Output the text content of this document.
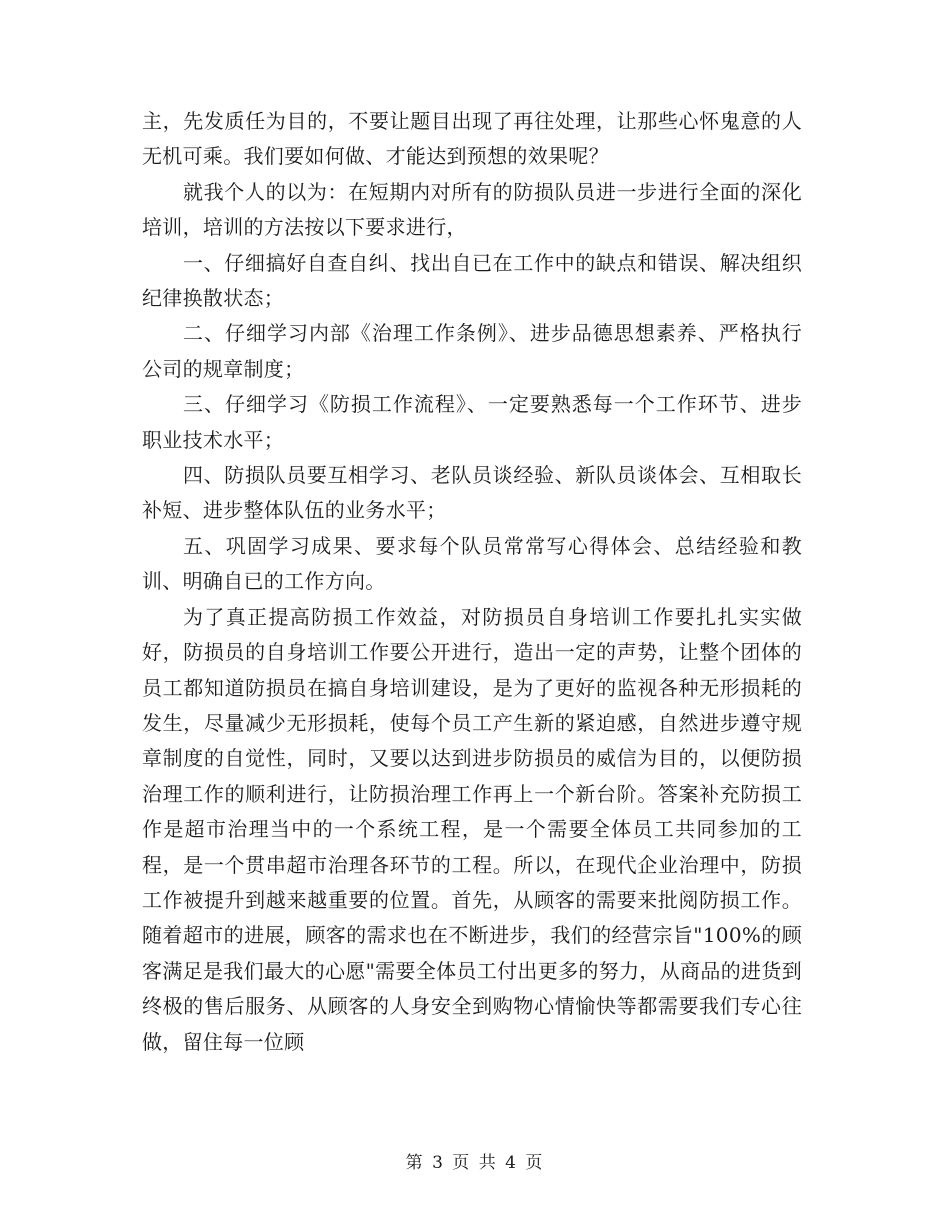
主，先发质任为目的，不要让题目出现了再往处理，让那些心怀鬼意的人无机可乘。我们要如何做、才能达到预想的效果呢？

就我个人的以为：在短期内对所有的防损队员进一步进行全面的深化培训，培训的方法按以下要求进行，

一、仔细搞好自查自纠、找出自已在工作中的缺点和错误、解决组织纪律换散状态；

二、仔细学习内部《治理工作条例》、进步品德思想素养、严格执行公司的规章制度；

三、仔细学习《防损工作流程》、一定要熟悉每一个工作环节、进步职业技术水平；

四、防损队员要互相学习、老队员谈经验、新队员谈体会、互相取长补短、进步整体队伍的业务水平；

五、巩固学习成果、要求每个队员常常写心得体会、总结经验和教训、明确自已的工作方向。

为了真正提高防损工作效益，对防损员自身培训工作要扎扎实实做好，防损员的自身培训工作要公开进行，造出一定的声势，让整个团体的员工都知道防损员在搞自身培训建设，是为了更好的监视各种无形损耗的发生，尽量减少无形损耗，使每个员工产生新的紧迫感，自然进步遵守规章制度的自觉性，同时，又要以达到进步防损员的威信为目的，以便防损治理工作的顺利进行，让防损治理工作再上一个新台阶。答案补充防损工作是超市治理当中的一个系统工程，是一个需要全体员工共同参加的工程，是一个贯串超市治理各环节的工程。所以，在现代企业治理中，防损工作被提升到越来越重要的位置。首先，从顾客的需要来批阅防损工作。随着超市的进展，顾客的需求也在不断进步，我们的经营宗旨"100%的顾客满足是我们最大的心愿"需要全体员工付出更多的努力，从商品的进货到终极的售后服务、从顾客的人身安全到购物心情愉快等都需要我们专心往做，留住每一位顾

第 3 页 共 4 页
